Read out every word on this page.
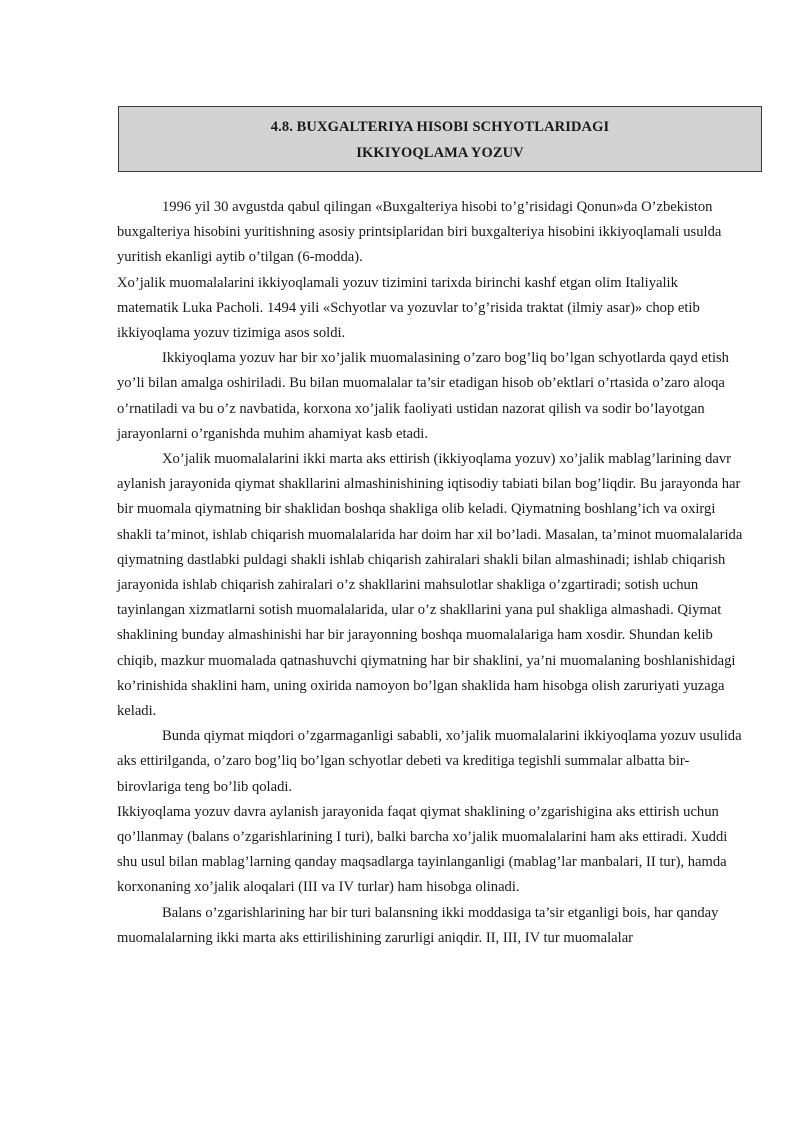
4.8. BUXGALTERIYA HISOBI SCHYOTLARIDAGI
IKKIYOQLAMA YOZUV

1996 yil 30 avgustda qabul qilingan «Buxgalteriya hisobi to’g’risidagi Qonun»da O’zbekiston buxgalteriya hisobini yuritishning asosiy printsiplaridan biri buxgalteriya hisobini ikkiyoqlamali usulda yuritish ekanligi aytib o’tilgan (6-modda).

Xo’jalik muomalalarini ikkiyoqlamali yozuv tizimini tarixda birinchi kashf etgan olim Italiyalik matematik Luka Pacholi. 1494 yili «Schyotlar va yozuvlar to’g’risida traktat (ilmiy asar)» chop etib ikkiyoqlama yozuv tizimiga asos soldi.

Ikkiyoqlama yozuv har bir xo’jalik muomalasining o’zaro bog’liq bo’lgan schyotlarda qayd etish yo’li bilan amalga oshiriladi. Bu bilan muomalalar ta’sir etadigan hisob ob’ektlari o’rtasida o’zaro aloqa o’rnatiladi va bu o’z navbatida, korxona xo’jalik faoliyati ustidan nazorat qilish va sodir bo’layotgan jarayonlarni o’rganishda muhim ahamiyat kasb etadi.

Xo’jalik muomalalarini ikki marta aks ettirish (ikkiyoqlama yozuv) xo’jalik mablag’larining davr aylanish jarayonida qiymat shakllarini almashinishining iqtisodiy tabiati bilan bog’liqdir. Bu jarayonda har bir muomala qiymatning bir shaklidan boshqa shakliga olib keladi. Qiymatning boshlang’ich va oxirgi shakli ta’minot, ishlab chiqarish muomalalarida har doim har xil bo’ladi. Masalan, ta’minot muomalalarida qiymatning dastlabki puldagi shakli ishlab chiqarish zahiralari shakli bilan almashinadi; ishlab chiqarish jarayonida ishlab chiqarish zahiralari o’z shakllarini mahsulotlar shakliga o’zgartiradi; sotish uchun tayinlangan xizmatlarni sotish muomalalarida, ular o’z shakllarini yana pul shakliga almashadi. Qiymat shaklining bunday almashinishi har bir jarayonning boshqa muomalalariga ham xosdir. Shundan kelib chiqib, mazkur muomalada qatnashuvchi qiymatning har bir shaklini, ya’ni muomalaning boshlanishidagi ko’rinishida shaklini ham, uning oxirida namoyon bo’lgan shaklida ham hisobga olish zaruriyati yuzaga keladi.

Bunda qiymat miqdori o’zgarmaganligi sababli, xo’jalik muomalalarini ikkiyoqlama yozuv usulida aks ettirilganda, o’zaro bog’liq bo’lgan schyotlar debeti va kreditiga tegishli summalar albatta bir-birovlariga teng bo’lib qoladi.

Ikkiyoqlama yozuv davra aylanish jarayonida faqat qiymat shaklining o’zgarishigina aks ettirish uchun qo’llanmay (balans o’zgarishlarining I turi), balki barcha xo’jalik muomalalarini ham aks ettiradi. Xuddi shu usul bilan mablag’larning qanday maqsadlarga tayinlanganligi (mablag’lar manbalari, II tur), hamda korxonaning xo’jalik aloqalari (III va IV turlar) ham hisobga olinadi.

Balans o’zgarishlarining har bir turi balansning ikki moddasiga ta’sir etganligi bois, har qanday muomalalarning ikki marta aks ettirilishining zarurligi aniqdir. II, III, IV tur muomalalar
